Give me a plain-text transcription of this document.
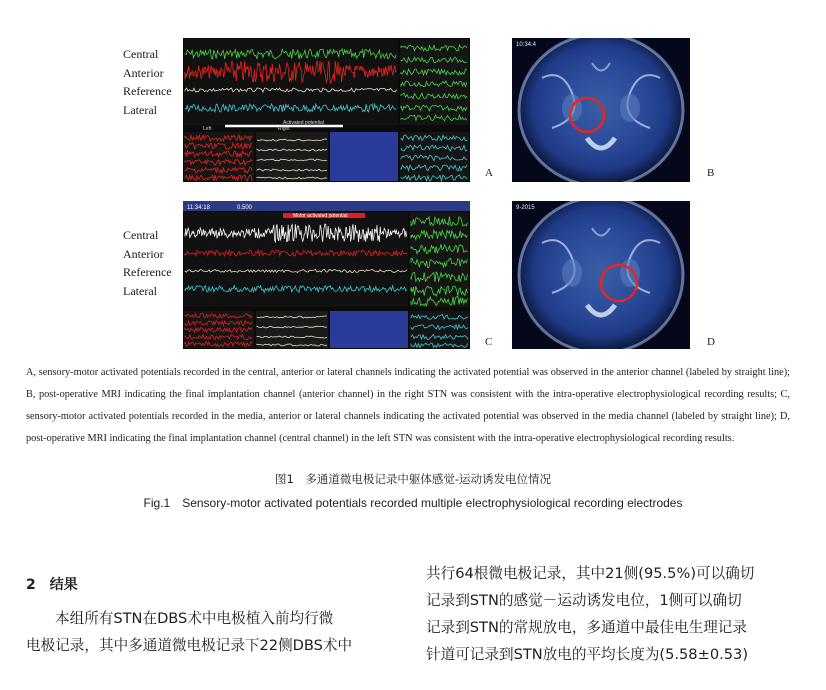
Central
Anterior
Reference
Lateral
Central
Anterior
Reference
Lateral
Activated potential
Left	Right
A
10:34:4
B
11:34:18	0.500
Motor activated potential
C
9-2015
D
A, sensory-motor activated potentials recorded in the central, anterior or lateral channels indicating the activated potential was observed in the anterior channel (labeled by straight line); B, post-operative MRI indicating the final implantation channel (anterior channel) in the right STN was consistent with the intra-operative electrophysiological recording results; C, sensory-motor activated potentials recorded in the media, anterior or lateral channels indicating the activated potential was observed in the media channel (labeled by straight line); D, post-operative MRI indicating the final implantation channel (central channel) in the left STN was consistent with the intra-operative electrophysiological recording results.
图1　多通道微电极记录中躯体感觉-运动诱发电位情况
Fig.1　Sensory-motor activated potentials recorded multiple electrophysiological recording electrodes
2　结果
本组所有STN在DBS术中电极植入前均行微
电极记录，其中多通道微电极记录下22侧DBS术中
共行64根微电极记录，其中21侧(95.5%)可以确切
记录到STN的感觉－运动诱发电位，1侧可以确切
记录到STN的常规放电，多通道中最佳电生理记录
针道可记录到STN放电的平均长度为(5.58±0.53)
